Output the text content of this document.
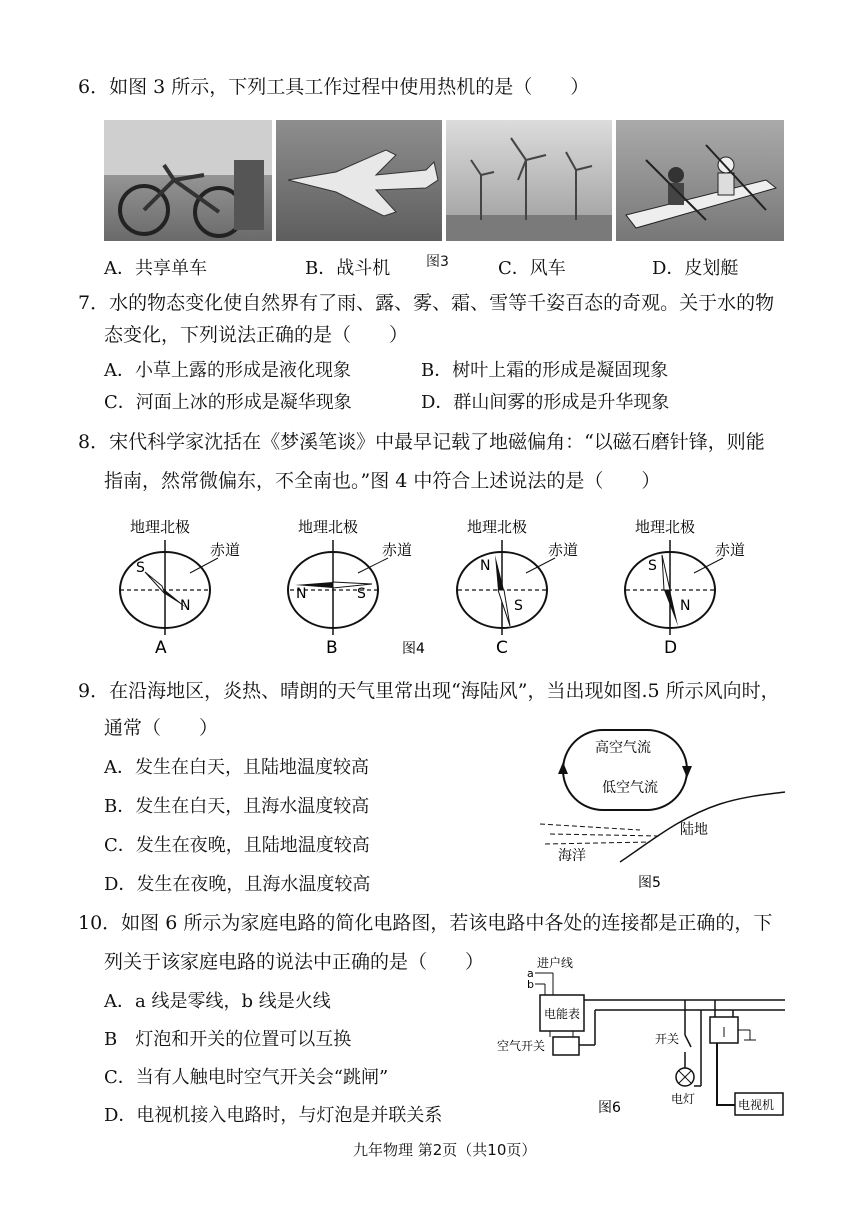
6．如图 3 所示，下列工具工作过程中使用热机的是（　　）
A．共享单车	B．战斗机	图3	C．风车	D．皮划艇
7．水的物态变化使自然界有了雨、露、雾、霜、雪等千姿百态的奇观。关于水的物
态变化，下列说法正确的是（　　）
A．小草上露的形成是液化现象	B．树叶上霜的形成是凝固现象
C．河面上冰的形成是凝华现象	D．群山间雾的形成是升华现象
8．宋代科学家沈括在《梦溪笔谈》中最早记载了地磁偏角：“以磁石磨针锋，则能
指南，然常微偏东，不全南也。”图 4 中符合上述说法的是（　　）
地理北极
赤道
S
N
A
地理北极
赤道
N	S
B	图4
地理北极
赤道
N
S
C
地理北极
赤道
S
N
D
9．在沿海地区，炎热、晴朗的天气里常出现“海陆风”，当出现如图.5 所示风向时，
通常（　　）
A．发生在白天，且陆地温度较高
B．发生在白天，且海水温度较高
C．发生在夜晚，且陆地温度较高
D．发生在夜晚，且海水温度较高
高空气流
低空气流
陆地
海洋
图5
10．如图 6 所示为家庭电路的简化电路图，若该电路中各处的连接都是正确的，下
列关于该家庭电路的说法中正确的是（　　）
A．a 线是零线，b 线是火线
B　灯泡和开关的位置可以互换
C．当有人触电时空气开关会“跳闸”
D．电视机接入电路时，与灯泡是并联关系
进户线
a
b
电能表
空气开关	开关
电灯	电视机
图6
九年物理 第2页（共10页）
